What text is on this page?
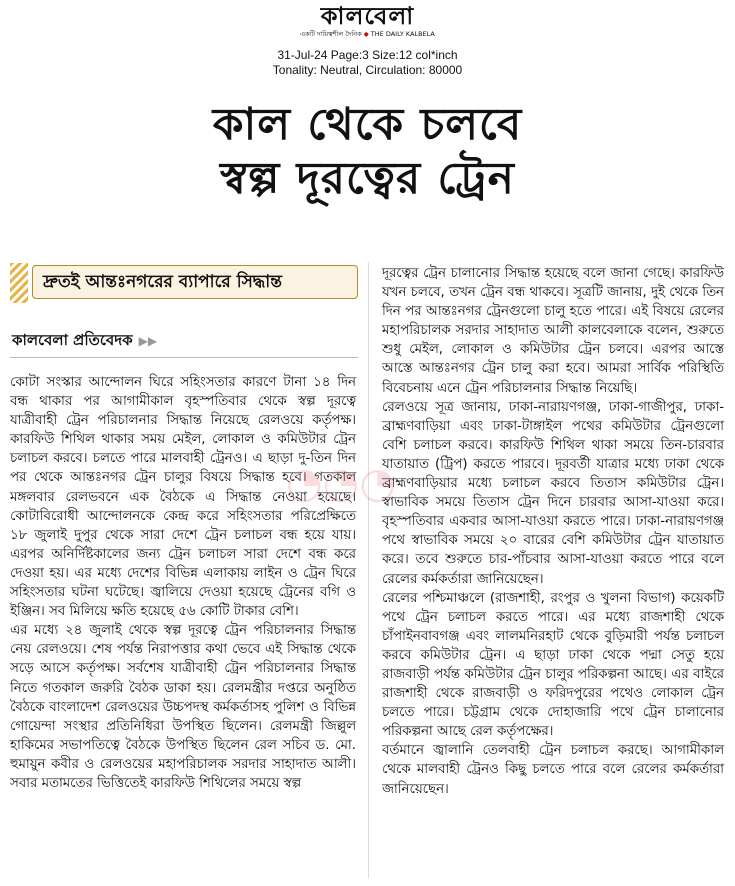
কালবেলা
একটি দায়িত্বশীল দৈনিক ◆ THE DAILY KALBELA
31-Jul-24 Page:3 Size:12 col*inch
Tonality: Neutral, Circulation: 80000
কাল থেকে চলবে
স্বল্প দূরত্বের ট্রেন
দ্রুতই আন্তঃনগরের ব্যাপারে সিদ্ধান্ত
কালবেলা প্রতিবেদক ▶▶

কোটা সংস্কার আন্দোলন ঘিরে সহিংসতার কারণে টানা ১৪ দিন বন্ধ থাকার পর আগামীকাল বৃহস্পতিবার থেকে স্বল্প দূরত্বে যাত্রীবাহী ট্রেন পরিচালনার সিদ্ধান্ত নিয়েছে রেলওয়ে কর্তৃপক্ষ। কারফিউ শিথিল থাকার সময় মেইল, লোকাল ও কমিউটার ট্রেন চলাচল করবে। চলতে পারে মালবাহী ট্রেনও। এ ছাড়া দু-তিন দিন পর থেকে আন্তঃনগর ট্রেন চালুর বিষয়ে সিদ্ধান্ত হবে। গতকাল মঙ্গলবার রেলভবনে এক বৈঠকে এ সিদ্ধান্ত নেওয়া হয়েছে। কোটাবিরোধী আন্দোলনকে কেন্দ্র করে সহিংসতার পরিপ্রেক্ষিতে ১৮ জুলাই দুপুর থেকে সারা দেশে ট্রেন চলাচল বন্ধ হয়ে যায়। এরপর অনির্দিষ্টকালের জন্য ট্রেন চলাচল সারা দেশে বন্ধ করে দেওয়া হয়। এর মধ্যে দেশের বিভিন্ন এলাকায় লাইন ও ট্রেন ঘিরে সহিংসতার ঘটনা ঘটেছে। জ্বালিয়ে দেওয়া হয়েছে ট্রেনের বগি ও ইঞ্জিন। সব মিলিয়ে ক্ষতি হয়েছে ৫৬ কোটি টাকার বেশি।

এর মধ্যে ২৪ জুলাই থেকে স্বল্প দূরত্বে ট্রেন পরিচালনার সিদ্ধান্ত নেয় রেলওয়ে। শেষ পর্যন্ত নিরাপত্তার কথা ভেবে এই সিদ্ধান্ত থেকে সড়ে আসে কর্তৃপক্ষ। সর্বশেষ যাত্রীবাহী ট্রেন পরিচালনার সিদ্ধান্ত নিতে গতকাল জরুরি বৈঠক ডাকা হয়। রেলমন্ত্রীর দপ্তরে অনুষ্ঠিত বৈঠকে বাংলাদেশ রেলওয়ের উচ্চপদস্থ কর্মকর্তাসহ পুলিশ ও বিভিন্ন গোয়েন্দা সংস্থার প্রতিনিধিরা উপস্থিত ছিলেন। রেলমন্ত্রী জিল্লুল হাকিমের সভাপতিত্বে বৈঠকে উপস্থিত ছিলেন রেল সচিব ড. মো. হুমায়ুন কবীর ও রেলওয়ের মহাপরিচালক সরদার সাহাদাত আলী। সবার মতামতের ভিত্তিতেই কারফিউ শিথিলের সময়ে স্বল্প

দূরত্বের ট্রেন চালানোর সিদ্ধান্ত হয়েছে বলে জানা গেছে। কারফিউ যখন চলবে, তখন ট্রেন বন্ধ থাকবে। সূত্রটি জানায়, দুই থেকে তিন দিন পর আন্তঃনগর ট্রেনগুলো চালু হতে পারে। এই বিষয়ে রেলের মহাপরিচালক সরদার সাহাদাত আলী কালবেলাকে বলেন, শুরুতে শুধু মেইল, লোকাল ও কমিউটার ট্রেন চলবে। এরপর আস্তে আস্তে আন্তঃনগর ট্রেন চালু করা হবে। আমরা সার্বিক পরিস্থিতি বিবেচনায় এনে ট্রেন পরিচালনার সিদ্ধান্ত নিয়েছি।

রেলওয়ে সূত্র জানায়, ঢাকা-নারায়ণগঞ্জ, ঢাকা-গাজীপুর, ঢাকা-ব্রাহ্মণবাড়িয়া এবং ঢাকা-টাঙ্গাইল পথের কমিউটার ট্রেনগুলো বেশি চলাচল করবে। কারফিউ শিথিল থাকা সময়ে তিন-চারবার যাতায়াত (ট্রিপ) করতে পারবে। দূরবর্তী যাত্রার মধ্যে ঢাকা থেকে ব্রাহ্মণবাড়িয়ার মধ্যে চলাচল করবে তিতাস কমিউটার ট্রেন। স্বাভাবিক সময়ে তিতাস ট্রেন দিনে চারবার আসা-যাওয়া করে। বৃহস্পতিবার একবার আসা-যাওয়া করতে পারে। ঢাকা-নারায়ণগঞ্জ পথে স্বাভাবিক সময়ে ২০ বারের বেশি কমিউটার ট্রেন যাতায়াত করে। তবে শুরুতে চার-পাঁচবার আসা-যাওয়া করতে পারে বলে রেলের কর্মকর্তারা জানিয়েছেন।

রেলের পশ্চিমাঞ্চলে (রাজশাহী, রংপুর ও খুলনা বিভাগ) কয়েকটি পথে ট্রেন চলাচল করতে পারে। এর মধ্যে রাজশাহী থেকে চাঁপাইনবাবগঞ্জ এবং লালমনিরহাট থেকে বুড়িমারী পর্যন্ত চলাচল করবে কমিউটার ট্রেন। এ ছাড়া ঢাকা থেকে পদ্মা সেতু হয়ে রাজবাড়ী পর্যন্ত কমিউটার ট্রেন চালুর পরিকল্পনা আছে। এর বাইরে রাজশাহী থেকে রাজবাড়ী ও ফরিদপুরের পথেও লোকাল ট্রেন চলতে পারে। চট্টগ্রাম থেকে দোহাজারি পথে ট্রেন চালানোর পরিকল্পনা আছে রেল কর্তৃপক্ষের।

বর্তমানে জ্বালানি তেলবাহী ট্রেন চলাচল করছে। আগামীকাল থেকে মালবাহী ট্রেনও কিছু চলতে পারে বলে রেলের কর্মকর্তারা জানিয়েছেন।

◔◔◔
